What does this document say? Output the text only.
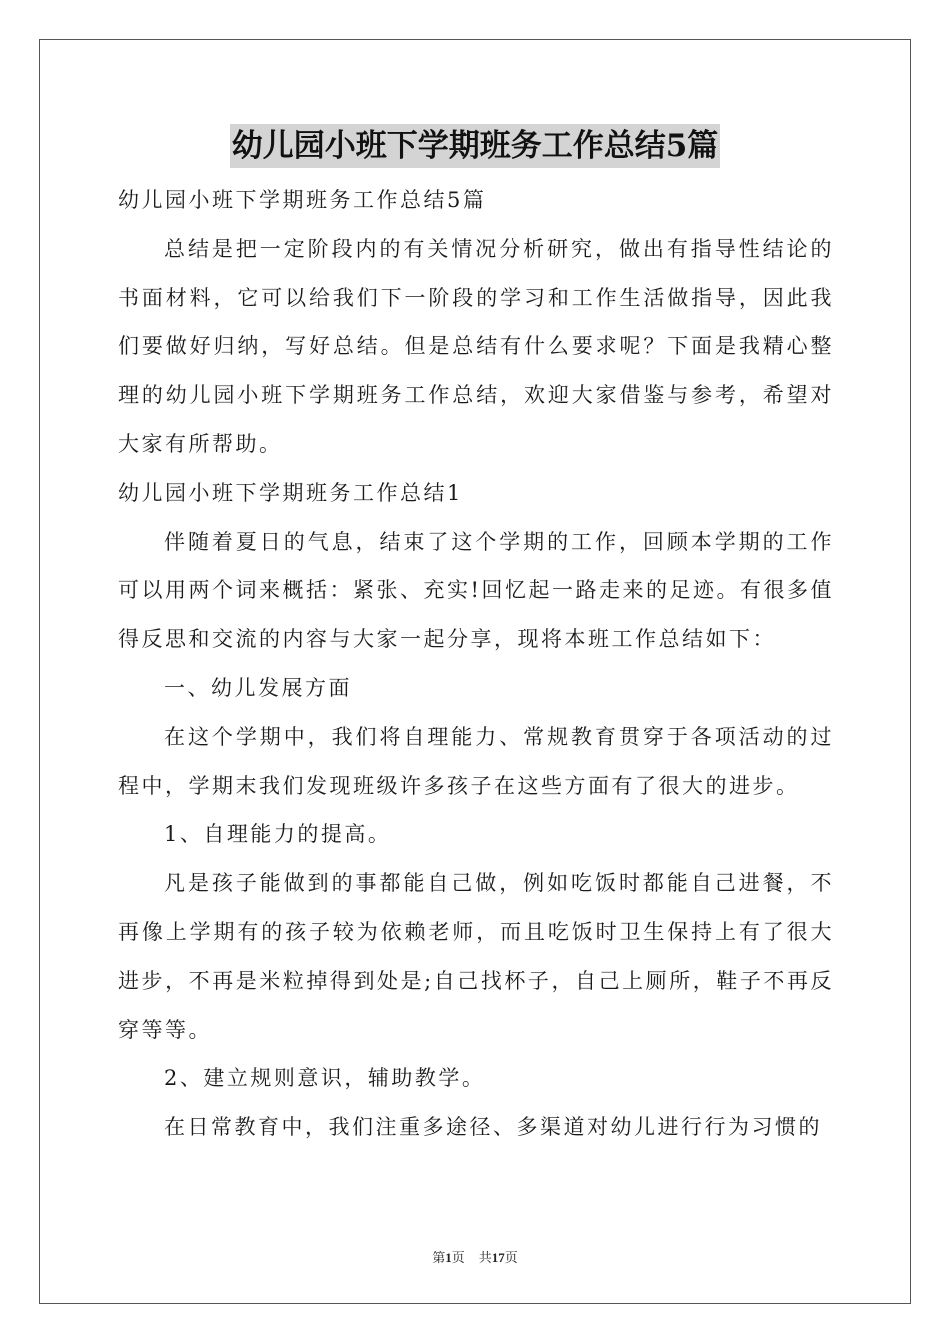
幼儿园小班下学期班务工作总结5篇

幼儿园小班下学期班务工作总结5篇

总结是把一定阶段内的有关情况分析研究，做出有指导性结论的书面材料，它可以给我们下一阶段的学习和工作生活做指导，因此我们要做好归纳，写好总结。但是总结有什么要求呢？下面是我精心整理的幼儿园小班下学期班务工作总结，欢迎大家借鉴与参考，希望对大家有所帮助。

幼儿园小班下学期班务工作总结1

伴随着夏日的气息，结束了这个学期的工作，回顾本学期的工作可以用两个词来概括：紧张、充实!回忆起一路走来的足迹。有很多值得反思和交流的内容与大家一起分享，现将本班工作总结如下：

一、幼儿发展方面

在这个学期中，我们将自理能力、常规教育贯穿于各项活动的过程中，学期末我们发现班级许多孩子在这些方面有了很大的进步。

1、自理能力的提高。

凡是孩子能做到的事都能自己做，例如吃饭时都能自己进餐，不再像上学期有的孩子较为依赖老师，而且吃饭时卫生保持上有了很大进步，不再是米粒掉得到处是;自己找杯子，自己上厕所，鞋子不再反穿等等。

2、建立规则意识，辅助教学。

在日常教育中，我们注重多途径、多渠道对幼儿进行行为习惯的

第1页 共17页
